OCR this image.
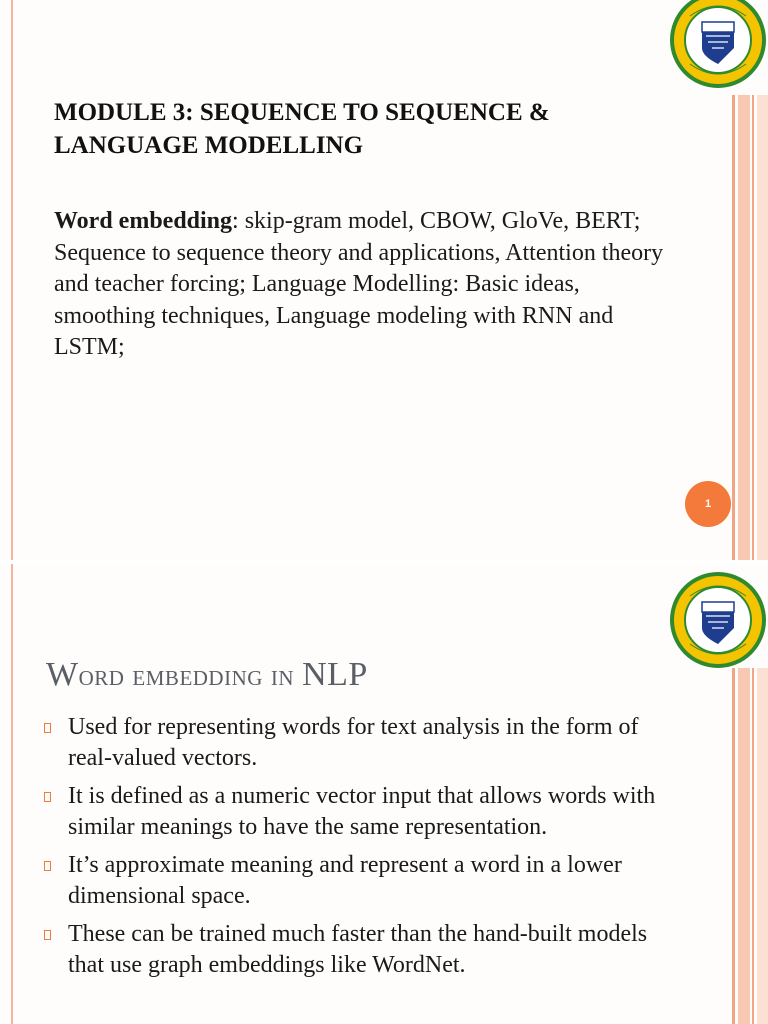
MODULE 3: SEQUENCE TO SEQUENCE & LANGUAGE MODELLING

Word embedding: skip-gram model, CBOW, GloVe, BERT; Sequence to sequence theory and applications, Attention theory and teacher forcing; Language Modelling: Basic ideas, smoothing techniques, Language modeling with RNN and LSTM;

1
Word embedding in NLP
Used for representing words for text analysis in the form of real-valued vectors.
It is defined as a numeric vector input that allows words with similar meanings to have the same representation.
It’s approximate meaning and represent a word in a lower dimensional space.
These can be trained much faster than the hand-built models that use graph embeddings like WordNet.
